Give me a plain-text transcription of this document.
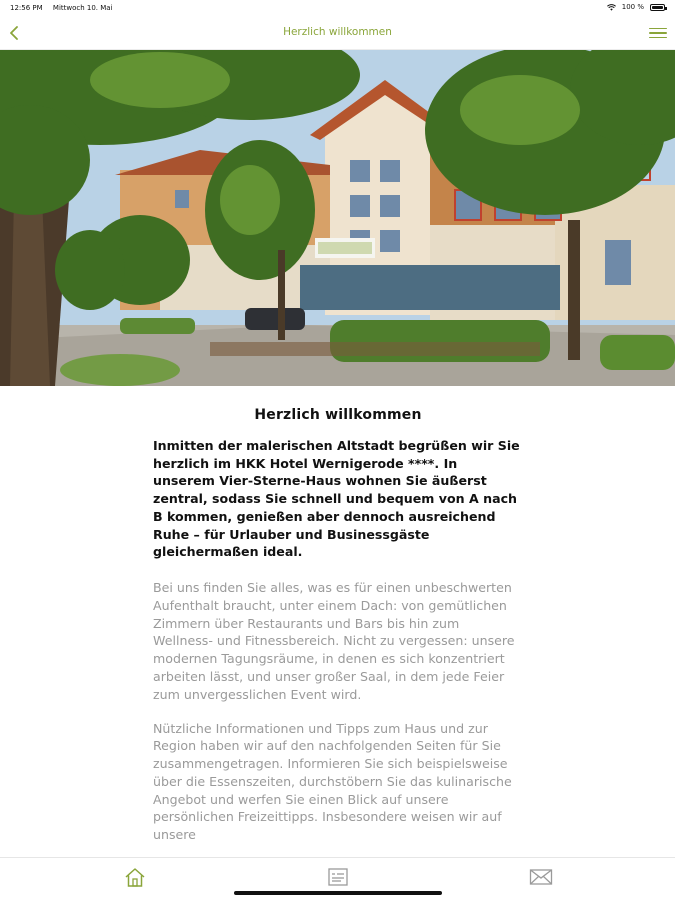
12:56 PM Mittwoch 10. Mai	100 %
Herzlich willkommen
Herzlich willkommen

Inmitten der malerischen Altstadt begrüßen wir Sie herzlich im HKK Hotel Wernigerode ****. In unserem Vier-Sterne-Haus wohnen Sie äußerst zentral, sodass Sie schnell und bequem von A nach B kommen, genießen aber dennoch ausreichend Ruhe – für Urlauber und Businessgäste gleichermaßen ideal.

Bei uns finden Sie alles, was es für einen unbeschwerten Aufenthalt braucht, unter einem Dach: von gemütlichen Zimmern über Restaurants und Bars bis hin zum Wellness- und Fitnessbereich. Nicht zu vergessen: unsere modernen Tagungsräume, in denen es sich konzentriert arbeiten lässt, und unser großer Saal, in dem jede Feier zum unvergesslichen Event wird.

Nützliche Informationen und Tipps zum Haus und zur Region haben wir auf den nachfolgenden Seiten für Sie zusammengetragen. Informieren Sie sich beispielsweise über die Essenszeiten, durchstöbern Sie das kulinarische Angebot und werfen Sie einen Blick auf unsere persönlichen Freizeittipps. Insbesondere weisen wir auf unsere
